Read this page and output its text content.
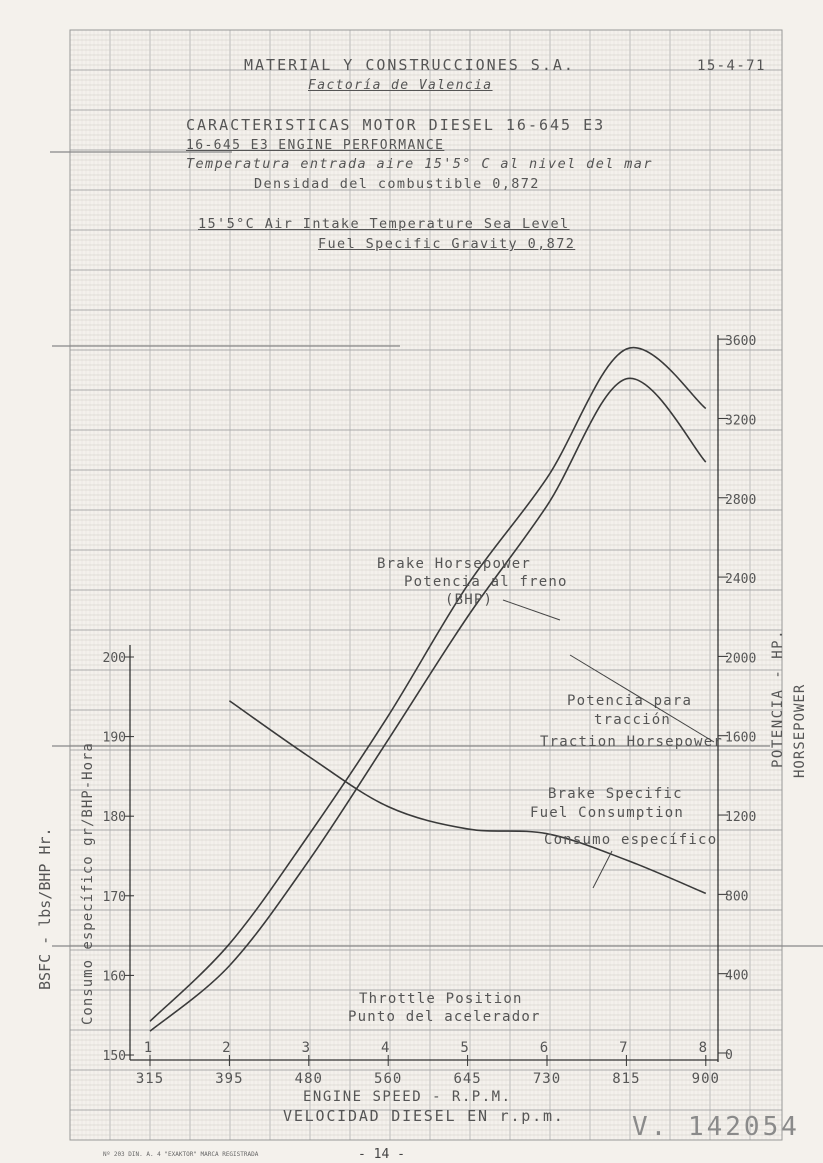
MATERIAL Y CONSTRUCCIONES S.A.
Factoría de Valencia
15-4-71
CARACTERISTICAS MOTOR DIESEL 16-645 E3
16-645 E3 ENGINE PERFORMANCE
Temperatura entrada aire 15'5° C al nivel del mar
Densidad del combustible 0,872
15'5°C Air Intake Temperature Sea Level
Fuel Specific Gravity 0,872
150
160
170
180
190
200
0
400
800
1200
1600
2000
2400
2800
3200
3600
315	395	480	560	645	730	815	900
1	2	3	4	5	6	7	8
ENGINE SPEED - R.P.M.
VELOCIDAD DIESEL EN r.p.m.
Throttle Position
Punto del acelerador
BSFC - lbs/BHP Hr. Consumo específico gr/BHP-Hora
POTENCIA - HP. HORSEPOWER
Brake Horsepower
Potencia al freno
(BHP)
Potencia para
tracción
Traction Horsepower
Brake Specific
Fuel Consumption
Consumo específico
V. 142054
- 14 -
Nº 203 DIN. A. 4 "EXAKTOR" MARCA REGISTRADA
